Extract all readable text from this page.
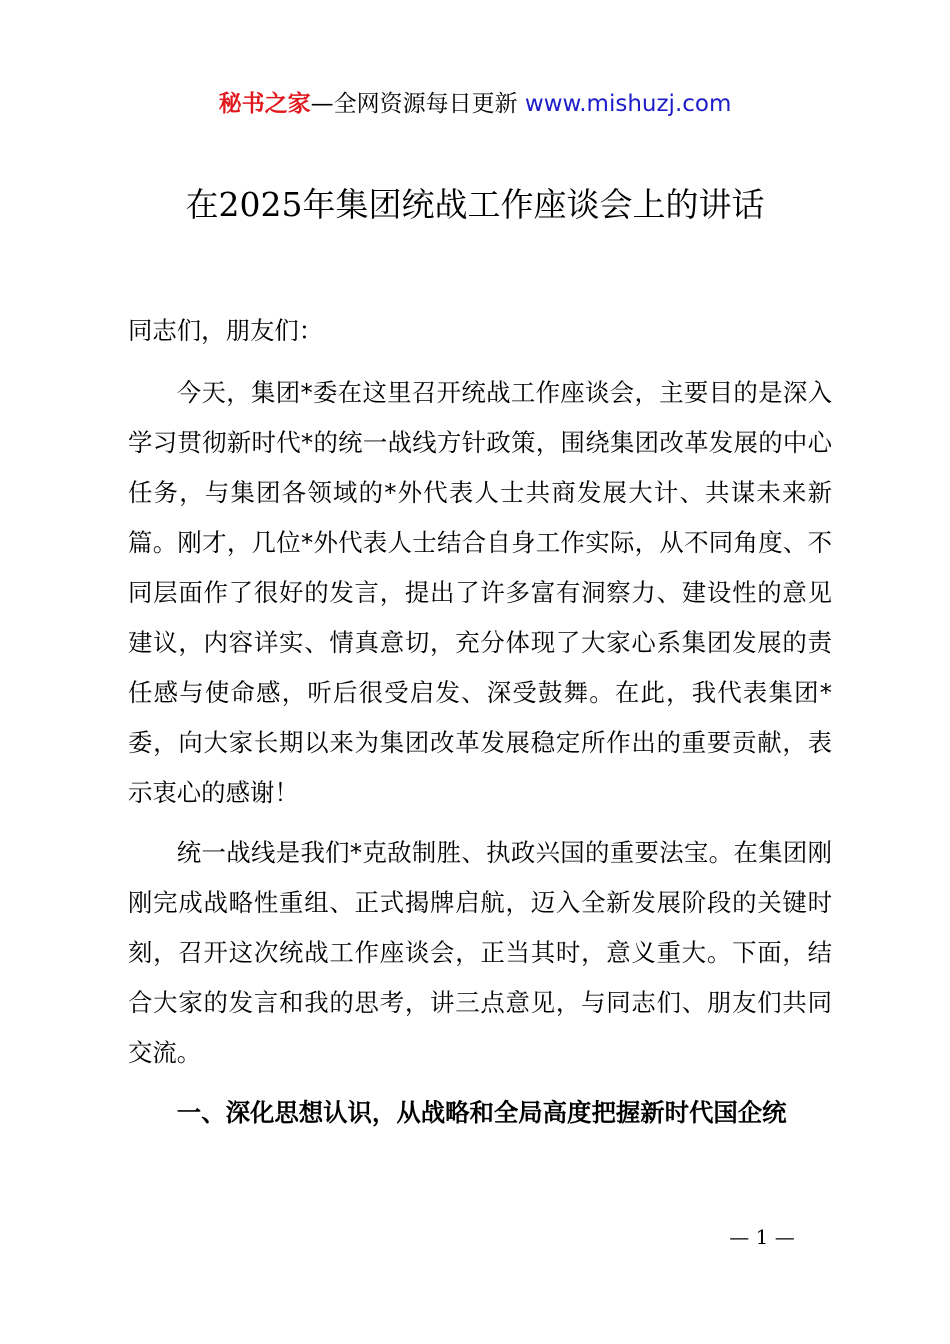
秘书之家—全网资源每日更新 www.mishuzj.com
在2025年集团统战工作座谈会上的讲话
同志们，朋友们：
今天，集团*委在这里召开统战工作座谈会，主要目的是深入学习贯彻新时代*的统一战线方针政策，围绕集团改革发展的中心任务，与集团各领域的*外代表人士共商发展大计、共谋未来新篇。刚才，几位*外代表人士结合自身工作实际，从不同角度、不同层面作了很好的发言，提出了许多富有洞察力、建设性的意见建议，内容详实、情真意切，充分体现了大家心系集团发展的责任感与使命感，听后很受启发、深受鼓舞。在此，我代表集团*委，向大家长期以来为集团改革发展稳定所作出的重要贡献，表示衷心的感谢！
统一战线是我们*克敌制胜、执政兴国的重要法宝。在集团刚刚完成战略性重组、正式揭牌启航，迈入全新发展阶段的关键时刻，召开这次统战工作座谈会，正当其时，意义重大。下面，结合大家的发言和我的思考，讲三点意见，与同志们、朋友们共同交流。
一、深化思想认识，从战略和全局高度把握新时代国企统
— 1 —
